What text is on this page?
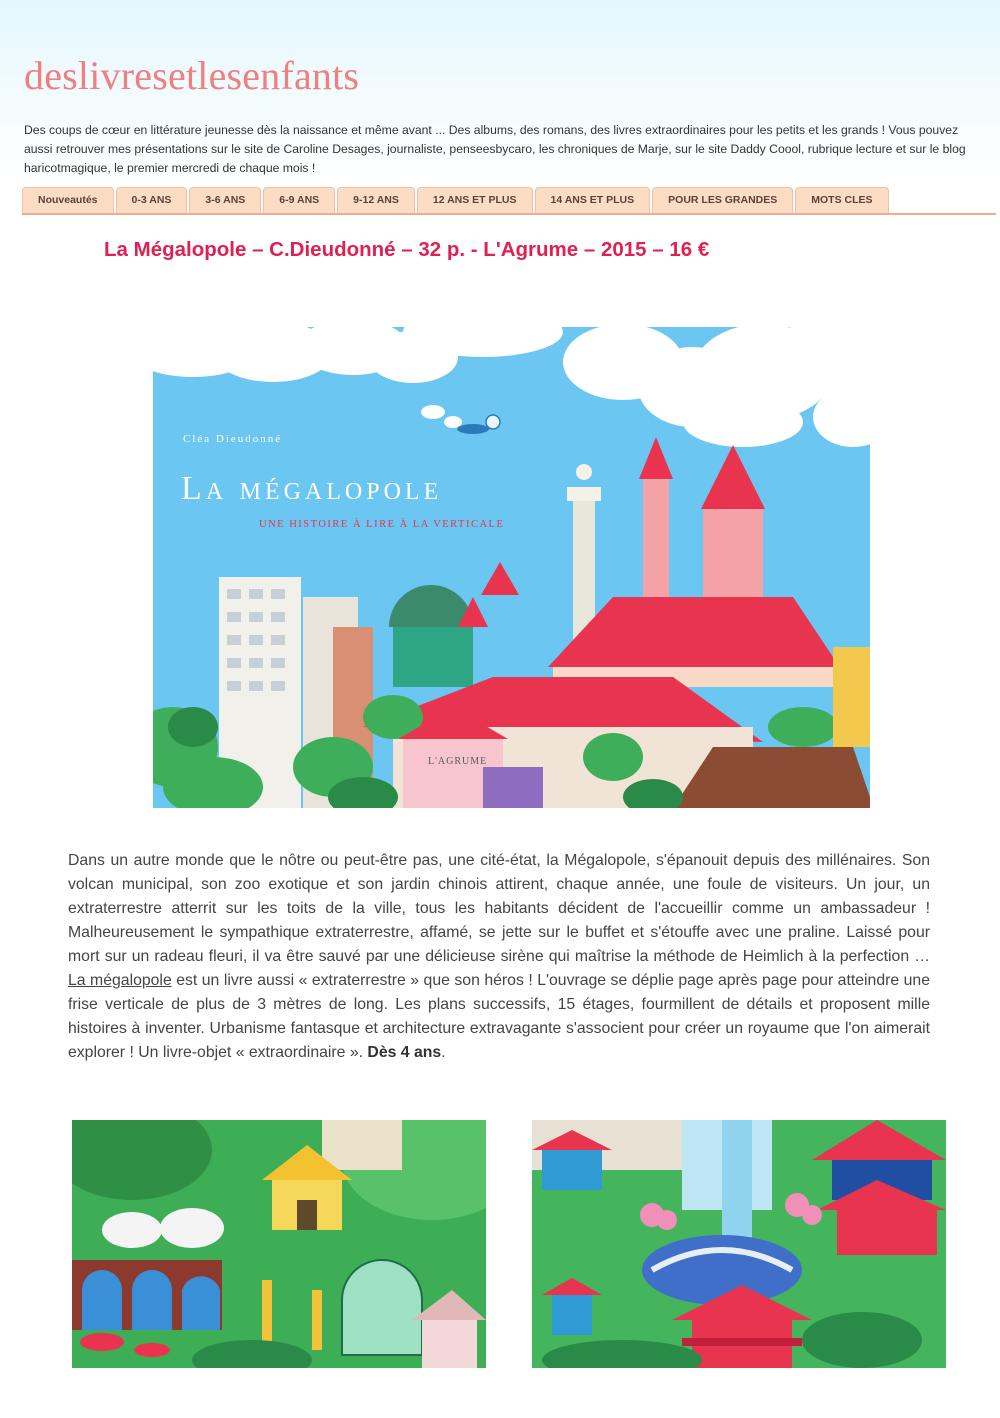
deslivresetlesenfants

Des coups de cœur en littérature jeunesse dès la naissance et même avant ... Des albums, des romans, des livres extraordinaires pour les petits et les grands ! Vous pouvez aussi retrouver mes présentations sur le site de Caroline Desages, journaliste, penseesbycaro, les chroniques de Marje, sur le site Daddy Coool, rubrique lecture et sur le blog haricotmagique, le premier mercredi de chaque mois !

Nouveautés	0-3 ANS	3-6 ANS	6-9 ANS	9-12 ANS	12 ANS ET PLUS	14 ANS ET PLUS	POUR LES GRANDES	MOTS CLES
La Mégalopole – C.Dieudonné – 32 p. - L'Agrume – 2015 – 16 €
Cléa Dieudonné
La mégalopole
UNE HISTOIRE À LIRE À LA VERTICALE
L'AGRUME

Dans un autre monde que le nôtre ou peut-être pas, une cité-état, la Mégalopole, s'épanouit depuis des millénaires. Son volcan municipal, son zoo exotique et son jardin chinois attirent, chaque année, une foule de visiteurs. Un jour, un extraterrestre atterrit sur les toits de la ville, tous les habitants décident de l'accueillir comme un ambassadeur ! Malheureusement le sympathique extraterrestre, affamé, se jette sur le buffet et s'étouffe avec une praline. Laissé pour mort sur un radeau fleuri, il va être sauvé par une délicieuse sirène qui maîtrise la méthode de Heimlich à la perfection … La mégalopole est un livre aussi « extraterrestre » que son héros ! L'ouvrage se déplie page après page pour atteindre une frise verticale de plus de 3 mètres de long. Les plans successifs, 15 étages, fourmillent de détails et proposent mille histoires à inventer. Urbanisme fantasque et architecture extravagante s'associent pour créer un royaume que l'on aimerait explorer ! Un livre-objet « extraordinaire ». Dès 4 ans.
